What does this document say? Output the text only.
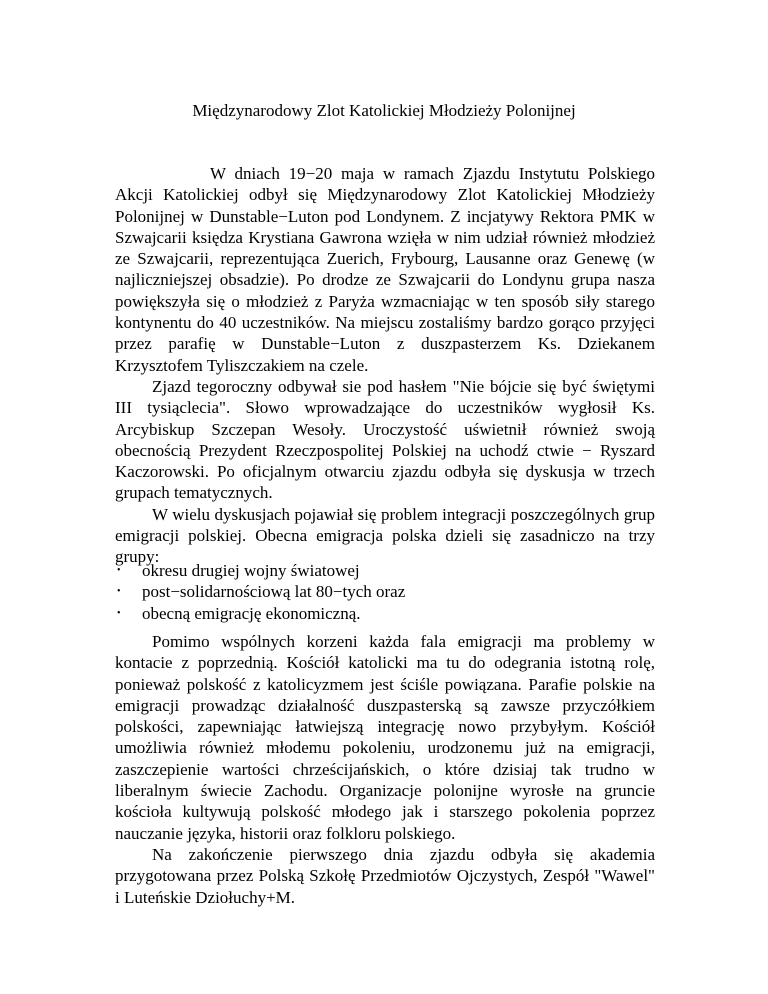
Międzynarodowy Zlot Katolickiej Młodzieży Polonijnej

W dniach 19−20 maja w ramach Zjazdu Instytutu Polskiego Akcji Katolickiej odbył się Międzynarodowy Zlot Katolickiej Młodzieży Polonijnej w Dunstable−Luton pod Londynem. Z incjatywy Rektora PMK w Szwajcarii księdza Krystiana Gawrona wzięła w nim udział również młodzież ze Szwajcarii, reprezentująca Zuerich, Frybourg, Lausanne oraz Genewę (w najliczniejszej obsadzie). Po drodze ze Szwajcarii do Londynu grupa nasza powiększyła się o młodzież z Paryża wzmacniając w ten sposób siły starego kontynentu do 40 uczestników. Na miejscu zostaliśmy bardzo gorąco przyjęci przez parafię w Dunstable−Luton z duszpasterzem Ks. Dziekanem Krzysztofem Tyliszczakiem na czele.

Zjazd tegoroczny odbywał sie pod hasłem "Nie bójcie się być świętymi III tysiąclecia". Słowo wprowadzające do uczestników wygłosił Ks. Arcybiskup Szczepan Wesoły. Uroczystość uświetnił również swoją obecnością Prezydent Rzeczpospolitej Polskiej na uchodź ctwie − Ryszard Kaczorowski. Po oficjalnym otwarciu zjazdu odbyła się dyskusja w trzech grupach tematycznych.

W wielu dyskusjach pojawiał się problem integracji poszczególnych grup emigracji polskiej. Obecna emigracja polska dzieli się zasadniczo na trzy grupy:

• okresu drugiej wojny światowej
• post−solidarnościową lat 80−tych oraz
• obecną emigrację ekonomiczną.

Pomimo wspólnych korzeni każda fala emigracji ma problemy w kontacie z poprzednią. Kościół katolicki ma tu do odegrania istotną rolę, ponieważ polskość z katolicyzmem jest ściśle powiązana. Parafie polskie na emigracji prowadząc działalność duszpasterską są zawsze przyczółkiem polskości, zapewniając łatwiejszą integrację nowo przybyłym. Kościół umożliwia również młodemu pokoleniu, urodzonemu już na emigracji, zaszczepienie wartości chrześcijańskich, o które dzisiaj tak trudno w liberalnym świecie Zachodu. Organizacje polonijne wyrosłe na gruncie kościoła kultywują polskość młodego jak i starszego pokolenia poprzez nauczanie języka, historii oraz folkloru polskiego.

Na zakończenie pierwszego dnia zjazdu odbyła się akademia przygotowana przez Polską Szkołę Przedmiotów Ojczystych, Zespół "Wawel" i Luteńskie Dziołuchy+M.
